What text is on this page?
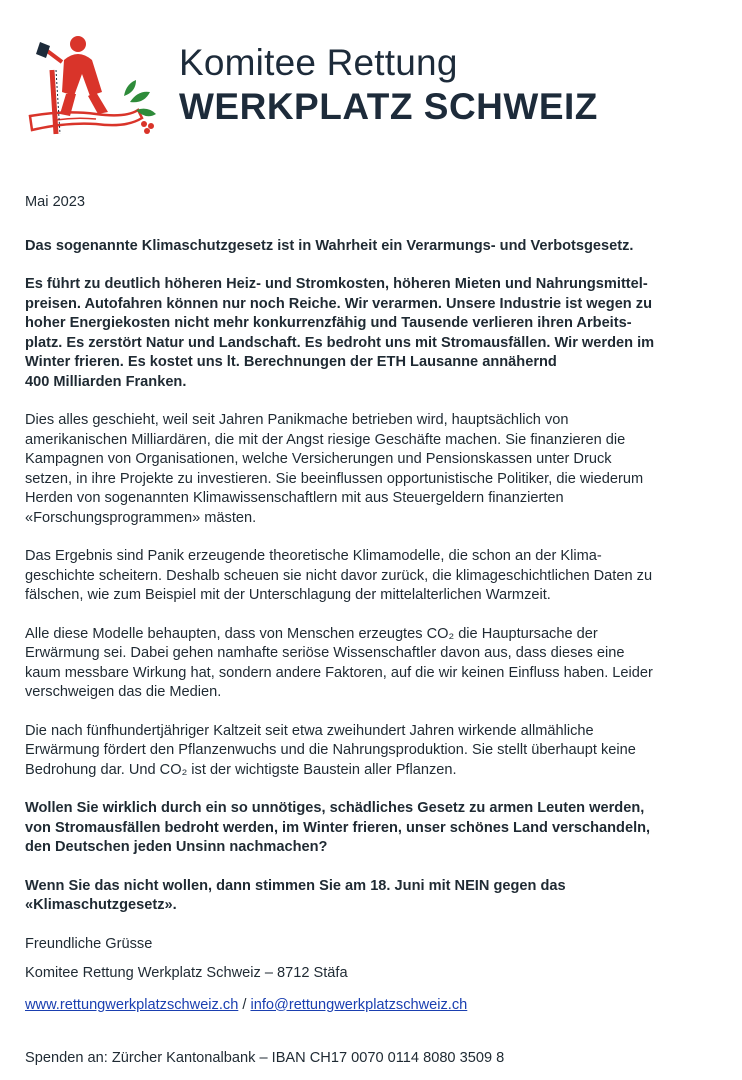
Komitee Rettung
WERKPLATZ SCHWEIZ

Mai 2023

Das sogenannte Klimaschutzgesetz ist in Wahrheit ein Verarmungs- und Verbotsgesetz.

Es führt zu deutlich höheren Heiz- und Stromkosten, höheren Mieten und Nahrungsmittel-
preisen. Autofahren können nur noch Reiche. Wir verarmen. Unsere Industrie ist wegen zu
hoher Energiekosten nicht mehr konkurrenzfähig und Tausende verlieren ihren Arbeits-
platz. Es zerstört Natur und Landschaft. Es bedroht uns mit Stromausfällen. Wir werden im
Winter frieren. Es kostet uns lt. Berechnungen der ETH Lausanne annähernd
400 Milliarden Franken.

Dies alles geschieht, weil seit Jahren Panikmache betrieben wird, hauptsächlich von
amerikanischen Milliardären, die mit der Angst riesige Geschäfte machen. Sie finanzieren die
Kampagnen von Organisationen, welche Versicherungen und Pensionskassen unter Druck
setzen, in ihre Projekte zu investieren. Sie beeinflussen opportunistische Politiker, die wiederum
Herden von sogenannten Klimawissenschaftlern mit aus Steuergeldern finanzierten
«Forschungsprogrammen» mästen.

Das Ergebnis sind Panik erzeugende theoretische Klimamodelle, die schon an der Klima-
geschichte scheitern. Deshalb scheuen sie nicht davor zurück, die klimageschichtlichen Daten zu
fälschen, wie zum Beispiel mit der Unterschlagung der mittelalterlichen Warmzeit.

Alle diese Modelle behaupten, dass von Menschen erzeugtes CO₂ die Hauptursache der
Erwärmung sei. Dabei gehen namhafte seriöse Wissenschaftler davon aus, dass dieses eine
kaum messbare Wirkung hat, sondern andere Faktoren, auf die wir keinen Einfluss haben. Leider
verschweigen das die Medien.

Die nach fünfhundertjähriger Kaltzeit seit etwa zweihundert Jahren wirkende allmähliche
Erwärmung fördert den Pflanzenwuchs und die Nahrungsproduktion. Sie stellt überhaupt keine
Bedrohung dar. Und CO₂ ist der wichtigste Baustein aller Pflanzen.

Wollen Sie wirklich durch ein so unnötiges, schädliches Gesetz zu armen Leuten werden,
von Stromausfällen bedroht werden, im Winter frieren, unser schönes Land verschandeln,
den Deutschen jeden Unsinn nachmachen?

Wenn Sie das nicht wollen, dann stimmen Sie am 18. Juni mit NEIN gegen das
«Klimaschutzgesetz».

Freundliche Grüsse

Komitee Rettung Werkplatz Schweiz – 8712 Stäfa

www.rettungwerkplatzschweiz.ch / info@rettungwerkplatzschweiz.ch

Spenden an: Zürcher Kantonalbank – IBAN CH17 0070 0114 8080 3509 8
